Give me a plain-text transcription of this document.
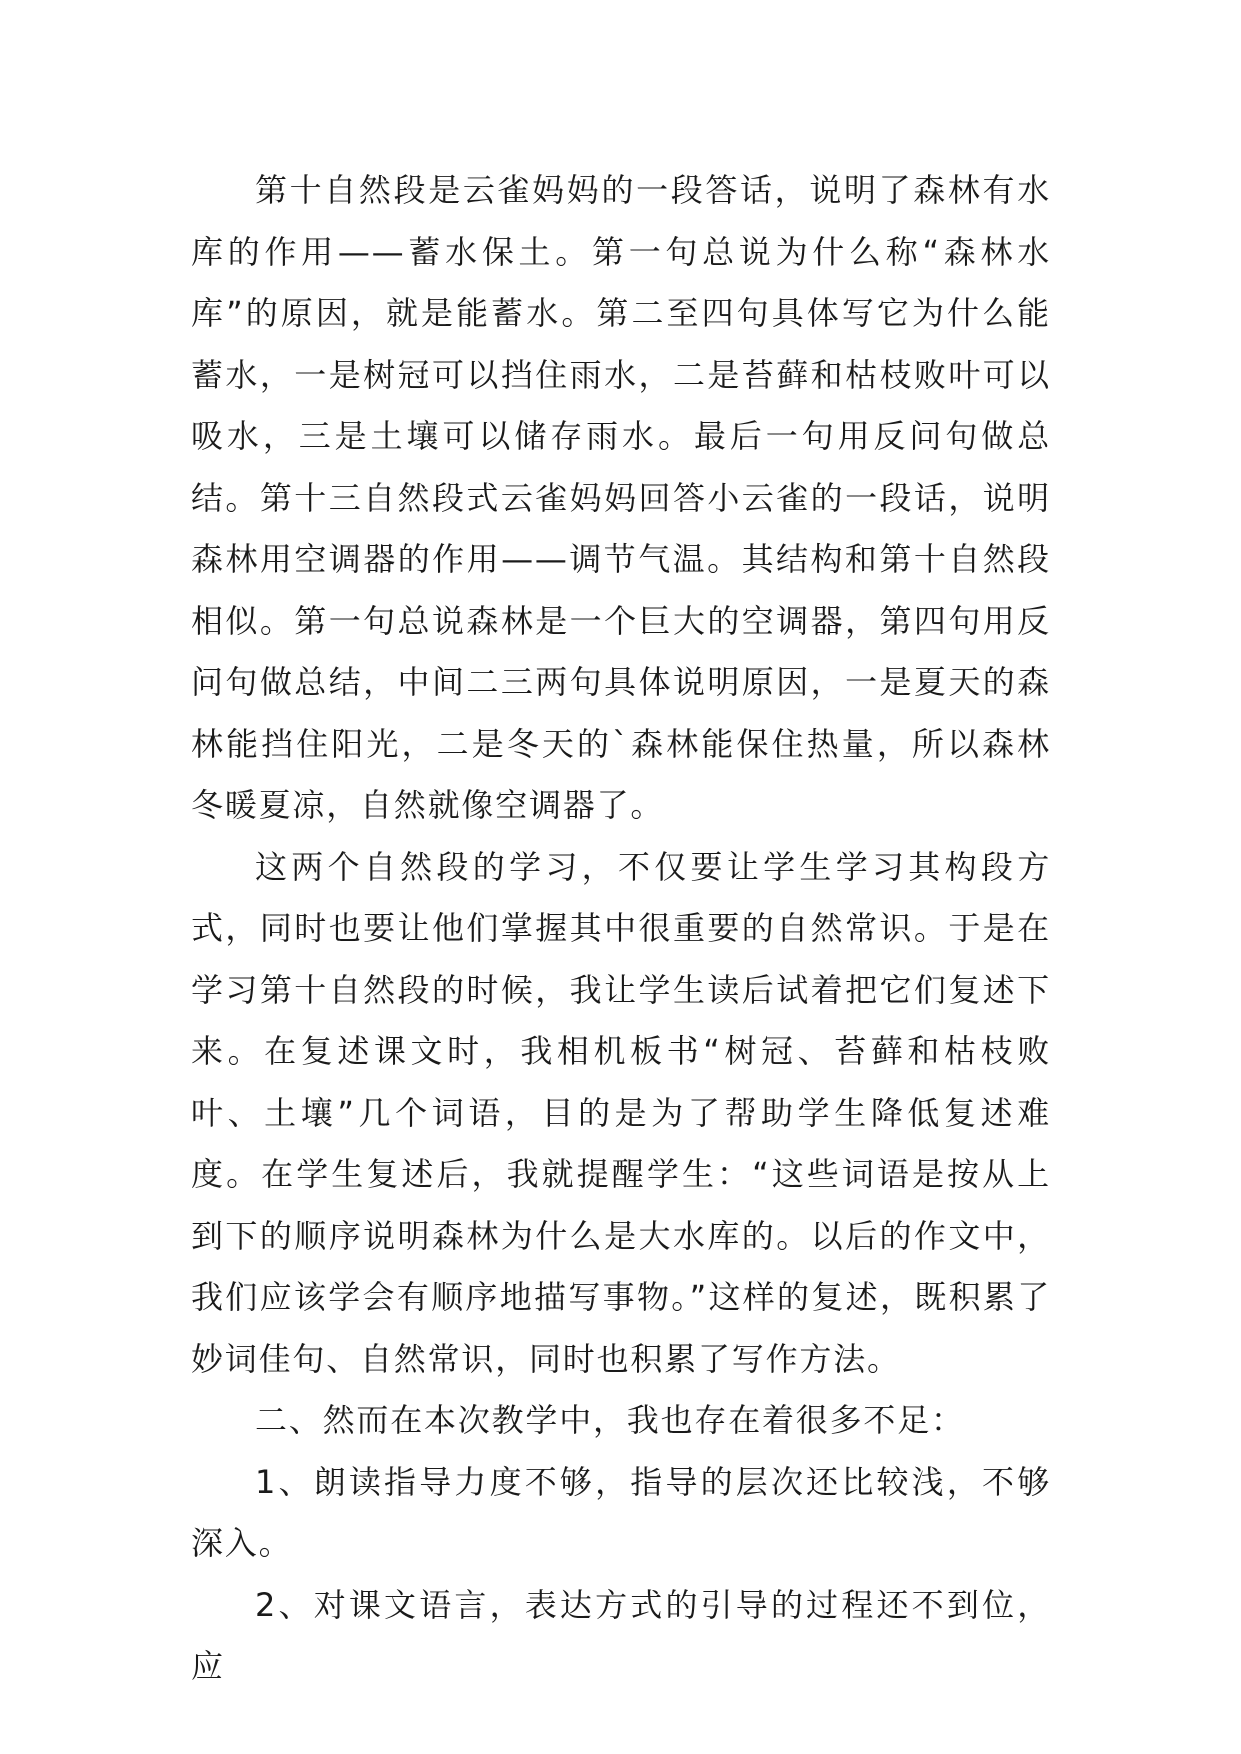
第十自然段是云雀妈妈的一段答话，说明了森林有水库的作用——蓄水保土。第一句总说为什么称“森林水库”的原因，就是能蓄水。第二至四句具体写它为什么能蓄水，一是树冠可以挡住雨水，二是苔藓和枯枝败叶可以吸水，三是土壤可以储存雨水。最后一句用反问句做总结。第十三自然段式云雀妈妈回答小云雀的一段话，说明森林用空调器的作用——调节气温。其结构和第十自然段相似。第一句总说森林是一个巨大的空调器，第四句用反问句做总结，中间二三两句具体说明原因，一是夏天的森林能挡住阳光，二是冬天的`森林能保住热量，所以森林冬暖夏凉，自然就像空调器了。

这两个自然段的学习，不仅要让学生学习其构段方式，同时也要让他们掌握其中很重要的自然常识。于是在学习第十自然段的时候，我让学生读后试着把它们复述下来。在复述课文时，我相机板书“树冠、苔藓和枯枝败叶、土壤”几个词语，目的是为了帮助学生降低复述难度。在学生复述后，我就提醒学生：“这些词语是按从上到下的顺序说明森林为什么是大水库的。以后的作文中，我们应该学会有顺序地描写事物。”这样的复述，既积累了妙词佳句、自然常识，同时也积累了写作方法。

二、然而在本次教学中，我也存在着很多不足：

1、朗读指导力度不够，指导的层次还比较浅，不够深入。

2、对课文语言，表达方式的引导的过程还不到位，应
